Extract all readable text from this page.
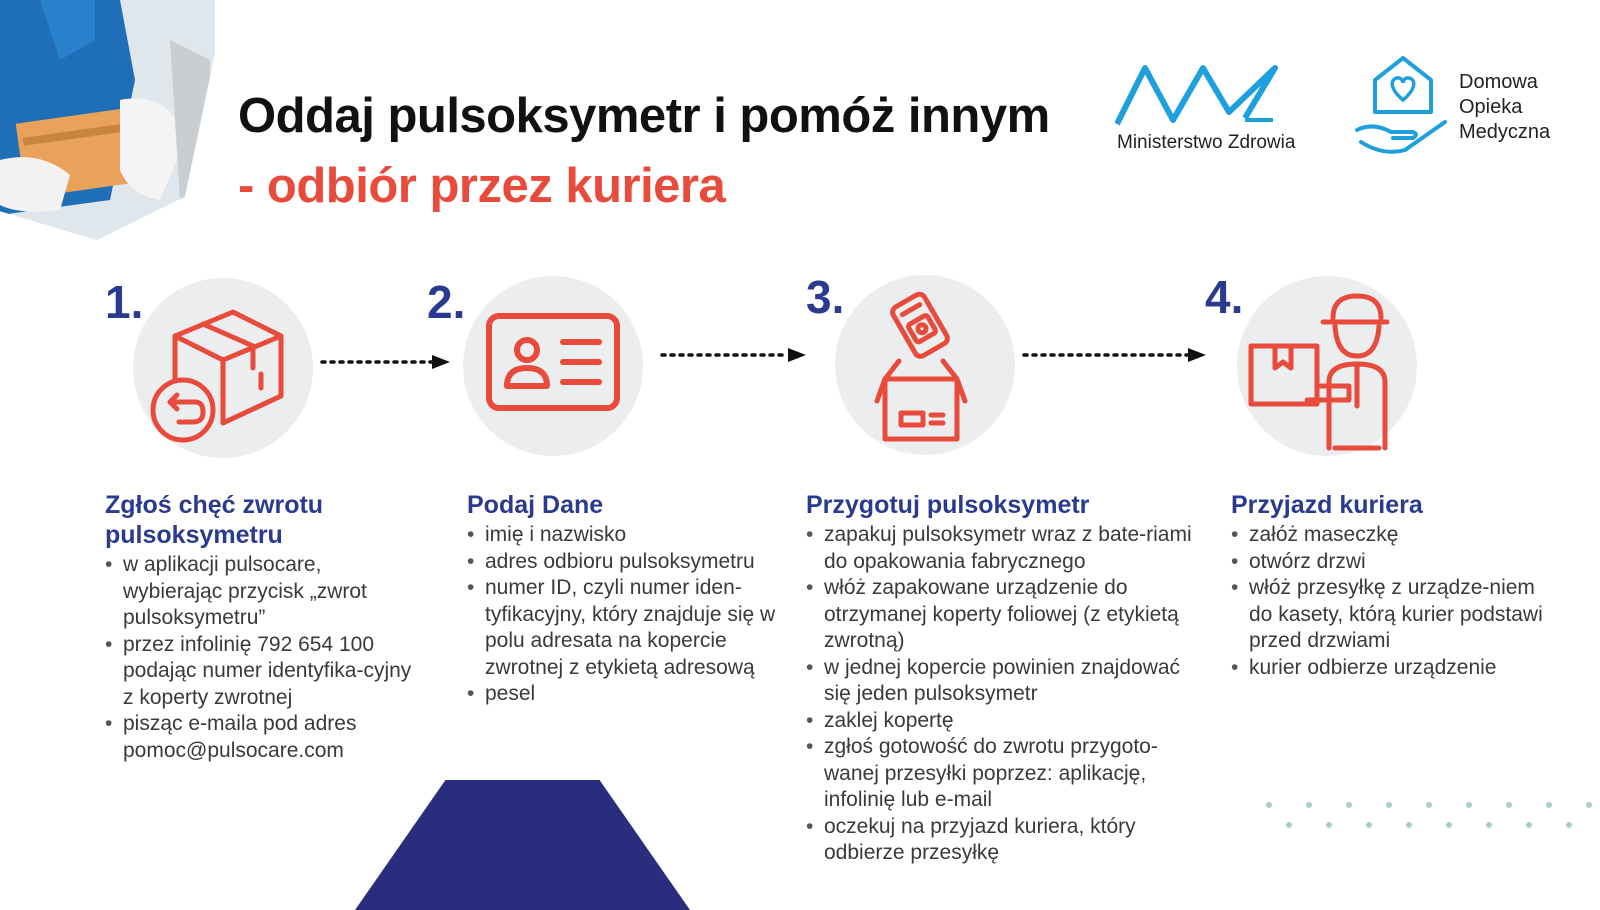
Oddaj pulsoksymetr i pomóż innym
- odbiór przez kuriera
Ministerstwo Zdrowia
Domowa
Opieka
Medyczna
1.	2.	3.	4.
Zgłoś chęć zwrotu pulsoksymetru
• w aplikacji pulsocare, wybierając przycisk „zwrot pulsoksymetru”
• przez infolinię 792 654 100 podając numer identyfika-cyjny z koperty zwrotnej
• pisząc e-maila pod adres pomoc@pulsocare.com
Podaj Dane
• imię i nazwisko
• adres odbioru pulsoksymetru
• numer ID, czyli numer iden-tyfikacyjny, który znajduje się w polu adresata na kopercie zwrotnej z etykietą adresową
• pesel
Przygotuj pulsoksymetr
• zapakuj pulsoksymetr wraz z bate-riami do opakowania fabrycznego
• włóż zapakowane urządzenie do otrzymanej koperty foliowej (z etykietą zwrotną)
• w jednej kopercie powinien znajdować się jeden pulsoksymetr
• zaklej kopertę
• zgłoś gotowość do zwrotu przygoto-wanej przesyłki poprzez: aplikację, infolinię lub e-mail
• oczekuj na przyjazd kuriera, który odbierze przesyłkę
Przyjazd kuriera
• załóż maseczkę
• otwórz drzwi
• włóż przesyłkę z urządze-niem do kasety, którą kurier podstawi przed drzwiami
• kurier odbierze urządzenie
